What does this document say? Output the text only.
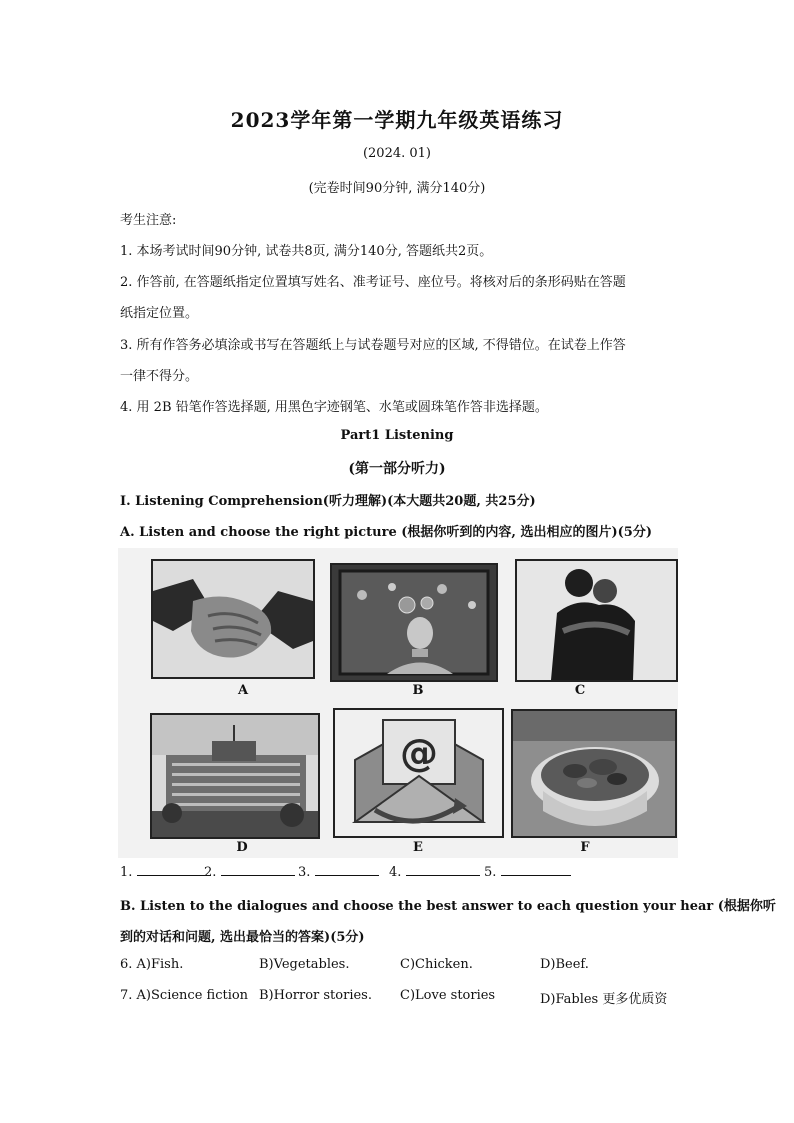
2023学年第一学期九年级英语练习
(2024. 01)
(完卷时间90分钟, 满分140分)
考生注意:
1. 本场考试时间90分钟, 试卷共8页, 满分140分, 答题纸共2页。
2. 作答前, 在答题纸指定位置填写姓名、准考证号、座位号。将核对后的条形码贴在答题
纸指定位置。
3. 所有作答务必填涂或书写在答题纸上与试卷题号对应的区域, 不得错位。在试卷上作答
一律不得分。
4. 用 2B 铅笔作答选择题, 用黑色字迹钢笔、水笔或圆珠笔作答非选择题。
Part1 Listening
(第一部分听力)
I. Listening Comprehension(听力理解)(本大题共20题, 共25分)
A. Listen and choose the right picture (根据你听到的内容, 选出相应的图片)(5分)
A	B	C
D
@
E	F
1.	2.	3.	4.	5.
B. Listen to the dialogues and choose the best answer to each question your hear (根据你听
到的对话和问题, 选出最恰当的答案)(5分)
6. A)Fish.	B)Vegetables.	C)Chicken.	D)Beef.
7. A)Science fiction B)Horror stories. C)Love stories	D)Fables 更多优质资
